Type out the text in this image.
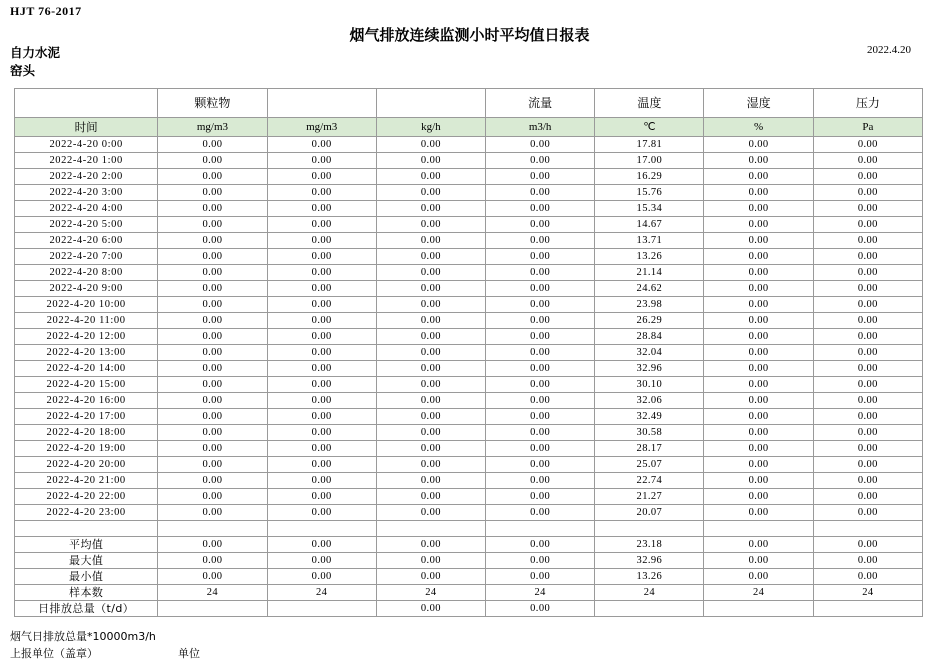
HJT 76-2017
烟气排放连续监测小时平均值日报表
自力水泥
窑头
2022.4.20
	颗粒物			流量	温度	湿度	压力
时间	mg/m3	mg/m3	kg/h	m3/h	℃	%	Pa
2022-4-20 0:00	0.00	0.00	0.00	0.00	17.81	0.00	0.00
2022-4-20 1:00	0.00	0.00	0.00	0.00	17.00	0.00	0.00
2022-4-20 2:00	0.00	0.00	0.00	0.00	16.29	0.00	0.00
2022-4-20 3:00	0.00	0.00	0.00	0.00	15.76	0.00	0.00
2022-4-20 4:00	0.00	0.00	0.00	0.00	15.34	0.00	0.00
2022-4-20 5:00	0.00	0.00	0.00	0.00	14.67	0.00	0.00
2022-4-20 6:00	0.00	0.00	0.00	0.00	13.71	0.00	0.00
2022-4-20 7:00	0.00	0.00	0.00	0.00	13.26	0.00	0.00
2022-4-20 8:00	0.00	0.00	0.00	0.00	21.14	0.00	0.00
2022-4-20 9:00	0.00	0.00	0.00	0.00	24.62	0.00	0.00
2022-4-20 10:00	0.00	0.00	0.00	0.00	23.98	0.00	0.00
2022-4-20 11:00	0.00	0.00	0.00	0.00	26.29	0.00	0.00
2022-4-20 12:00	0.00	0.00	0.00	0.00	28.84	0.00	0.00
2022-4-20 13:00	0.00	0.00	0.00	0.00	32.04	0.00	0.00
2022-4-20 14:00	0.00	0.00	0.00	0.00	32.96	0.00	0.00
2022-4-20 15:00	0.00	0.00	0.00	0.00	30.10	0.00	0.00
2022-4-20 16:00	0.00	0.00	0.00	0.00	32.06	0.00	0.00
2022-4-20 17:00	0.00	0.00	0.00	0.00	32.49	0.00	0.00
2022-4-20 18:00	0.00	0.00	0.00	0.00	30.58	0.00	0.00
2022-4-20 19:00	0.00	0.00	0.00	0.00	28.17	0.00	0.00
2022-4-20 20:00	0.00	0.00	0.00	0.00	25.07	0.00	0.00
2022-4-20 21:00	0.00	0.00	0.00	0.00	22.74	0.00	0.00
2022-4-20 22:00	0.00	0.00	0.00	0.00	21.27	0.00	0.00
2022-4-20 23:00	0.00	0.00	0.00	0.00	20.07	0.00	0.00

平均值	0.00	0.00	0.00	0.00	23.18	0.00	0.00
最大值	0.00	0.00	0.00	0.00	32.96	0.00	0.00
最小值	0.00	0.00	0.00	0.00	13.26	0.00	0.00
样本数	24	24	24	24	24	24	24
日排放总量（t/d）			0.00	0.00			
烟气日排放总量*10000m3/h
上报单位（盖章）	单位
